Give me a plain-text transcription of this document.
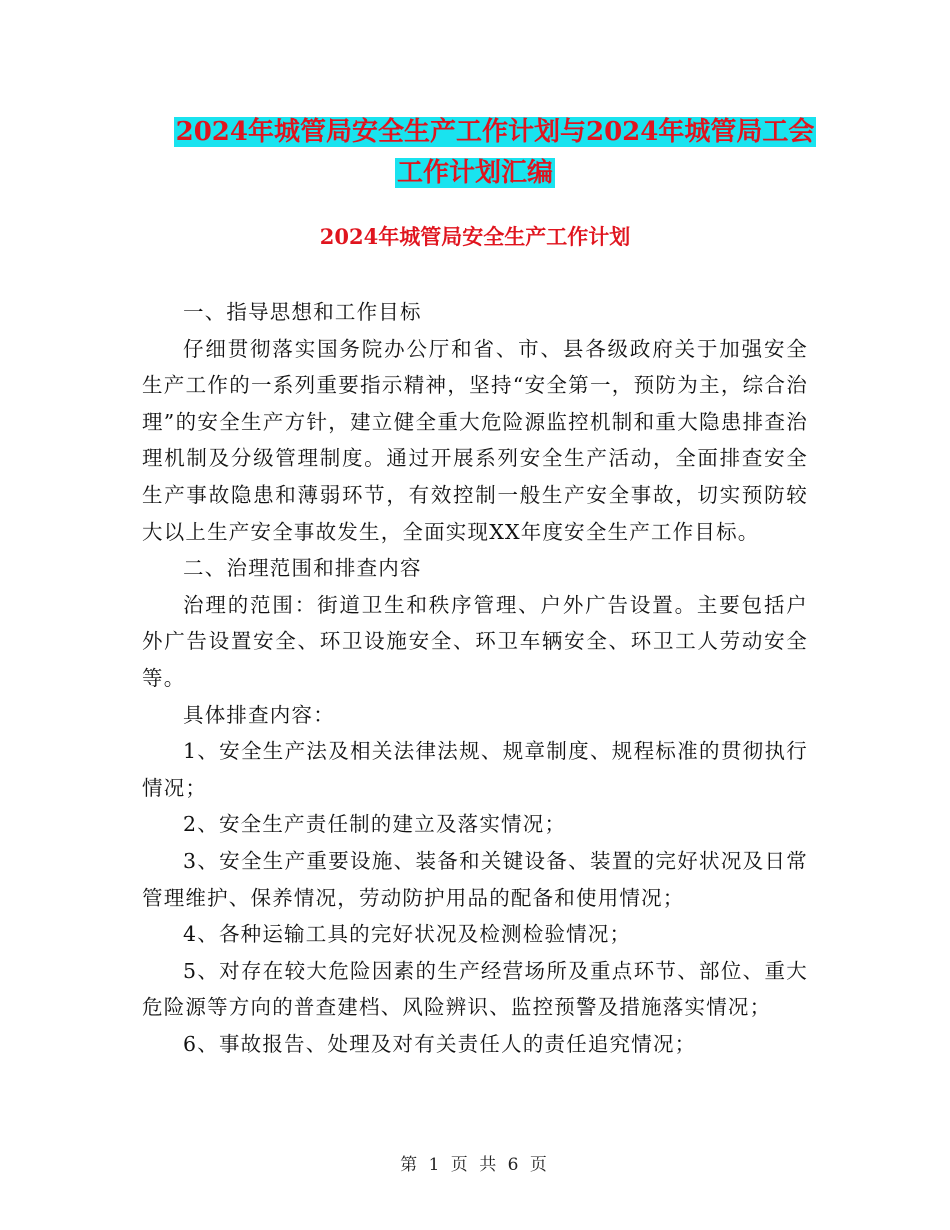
2024年城管局安全生产工作计划与2024年城管局工会
工作计划汇编
2024年城管局安全生产工作计划

一、指导思想和工作目标

仔细贯彻落实国务院办公厅和省、市、县各级政府关于加强安全生产工作的一系列重要指示精神，坚持“安全第一，预防为主，综合治理”的安全生产方针，建立健全重大危险源监控机制和重大隐患排查治理机制及分级管理制度。通过开展系列安全生产活动，全面排查安全生产事故隐患和薄弱环节，有效控制一般生产安全事故，切实预防较大以上生产安全事故发生，全面实现XX年度安全生产工作目标。

二、治理范围和排查内容

治理的范围：街道卫生和秩序管理、户外广告设置。主要包括户外广告设置安全、环卫设施安全、环卫车辆安全、环卫工人劳动安全等。

具体排查内容：

1、安全生产法及相关法律法规、规章制度、规程标准的贯彻执行情况；

2、安全生产责任制的建立及落实情况；

3、安全生产重要设施、装备和关键设备、装置的完好状况及日常管理维护、保养情况，劳动防护用品的配备和使用情况；

4、各种运输工具的完好状况及检测检验情况；

5、对存在较大危险因素的生产经营场所及重点环节、部位、重大危险源等方向的普查建档、风险辨识、监控预警及措施落实情况；

6、事故报告、处理及对有关责任人的责任追究情况；

第 1 页 共 6 页
